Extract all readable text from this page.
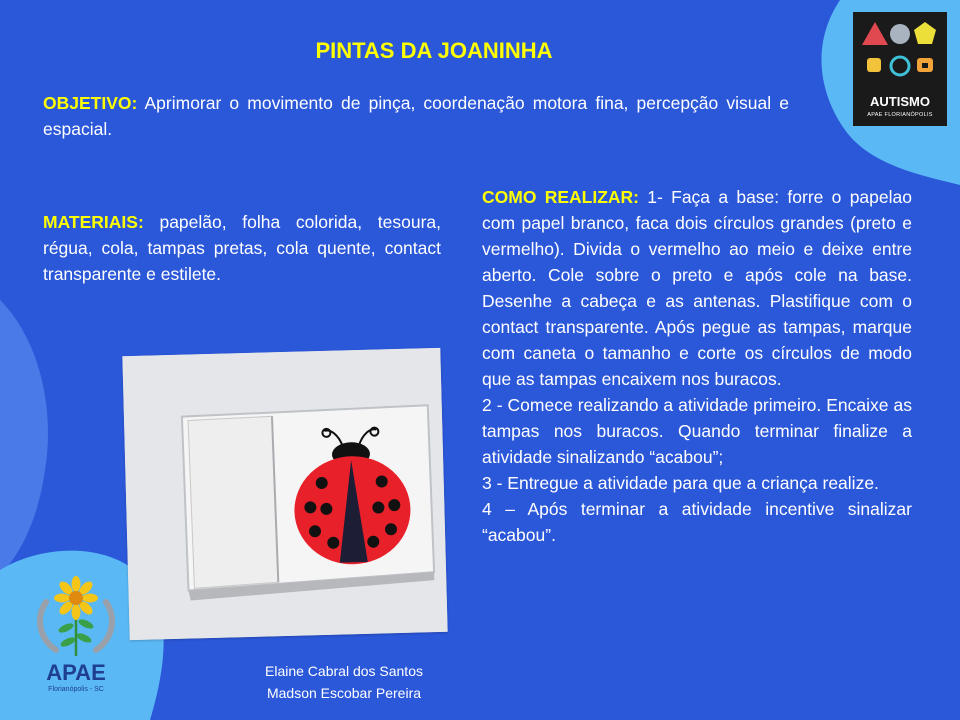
PINTAS DA JOANINHA
OBJETIVO: Aprimorar o movimento de pinça, coordenação motora fina, percepção visual e espacial.
MATERIAIS: papelão, folha colorida, tesoura, régua, cola, tampas pretas, cola quente, contact transparente e estilete.
COMO REALIZAR: 1- Faça a base: forre o papelao com papel branco, faca dois círculos grandes (preto e vermelho). Divida o vermelho ao meio e deixe entre aberto. Cole sobre o preto e após cole na base. Desenhe a cabeça e as antenas. Plastifique com o contact transparente. Após pegue as tampas, marque com caneta o tamanho e corte os círculos de modo que as tampas encaixem nos buracos.
2 - Comece realizando a atividade primeiro. Encaixe as tampas nos buracos. Quando terminar finalize a atividade sinalizando “acabou”;
3 - Entregue a atividade para que a criança realize.
4 – Após terminar a atividade incentive sinalizar “acabou”.
Elaine Cabral dos Santos
Madson Escobar Pereira
AUTISMO
APAE FLORIANÓPOLIS
APAE
Florianópolis - SC
